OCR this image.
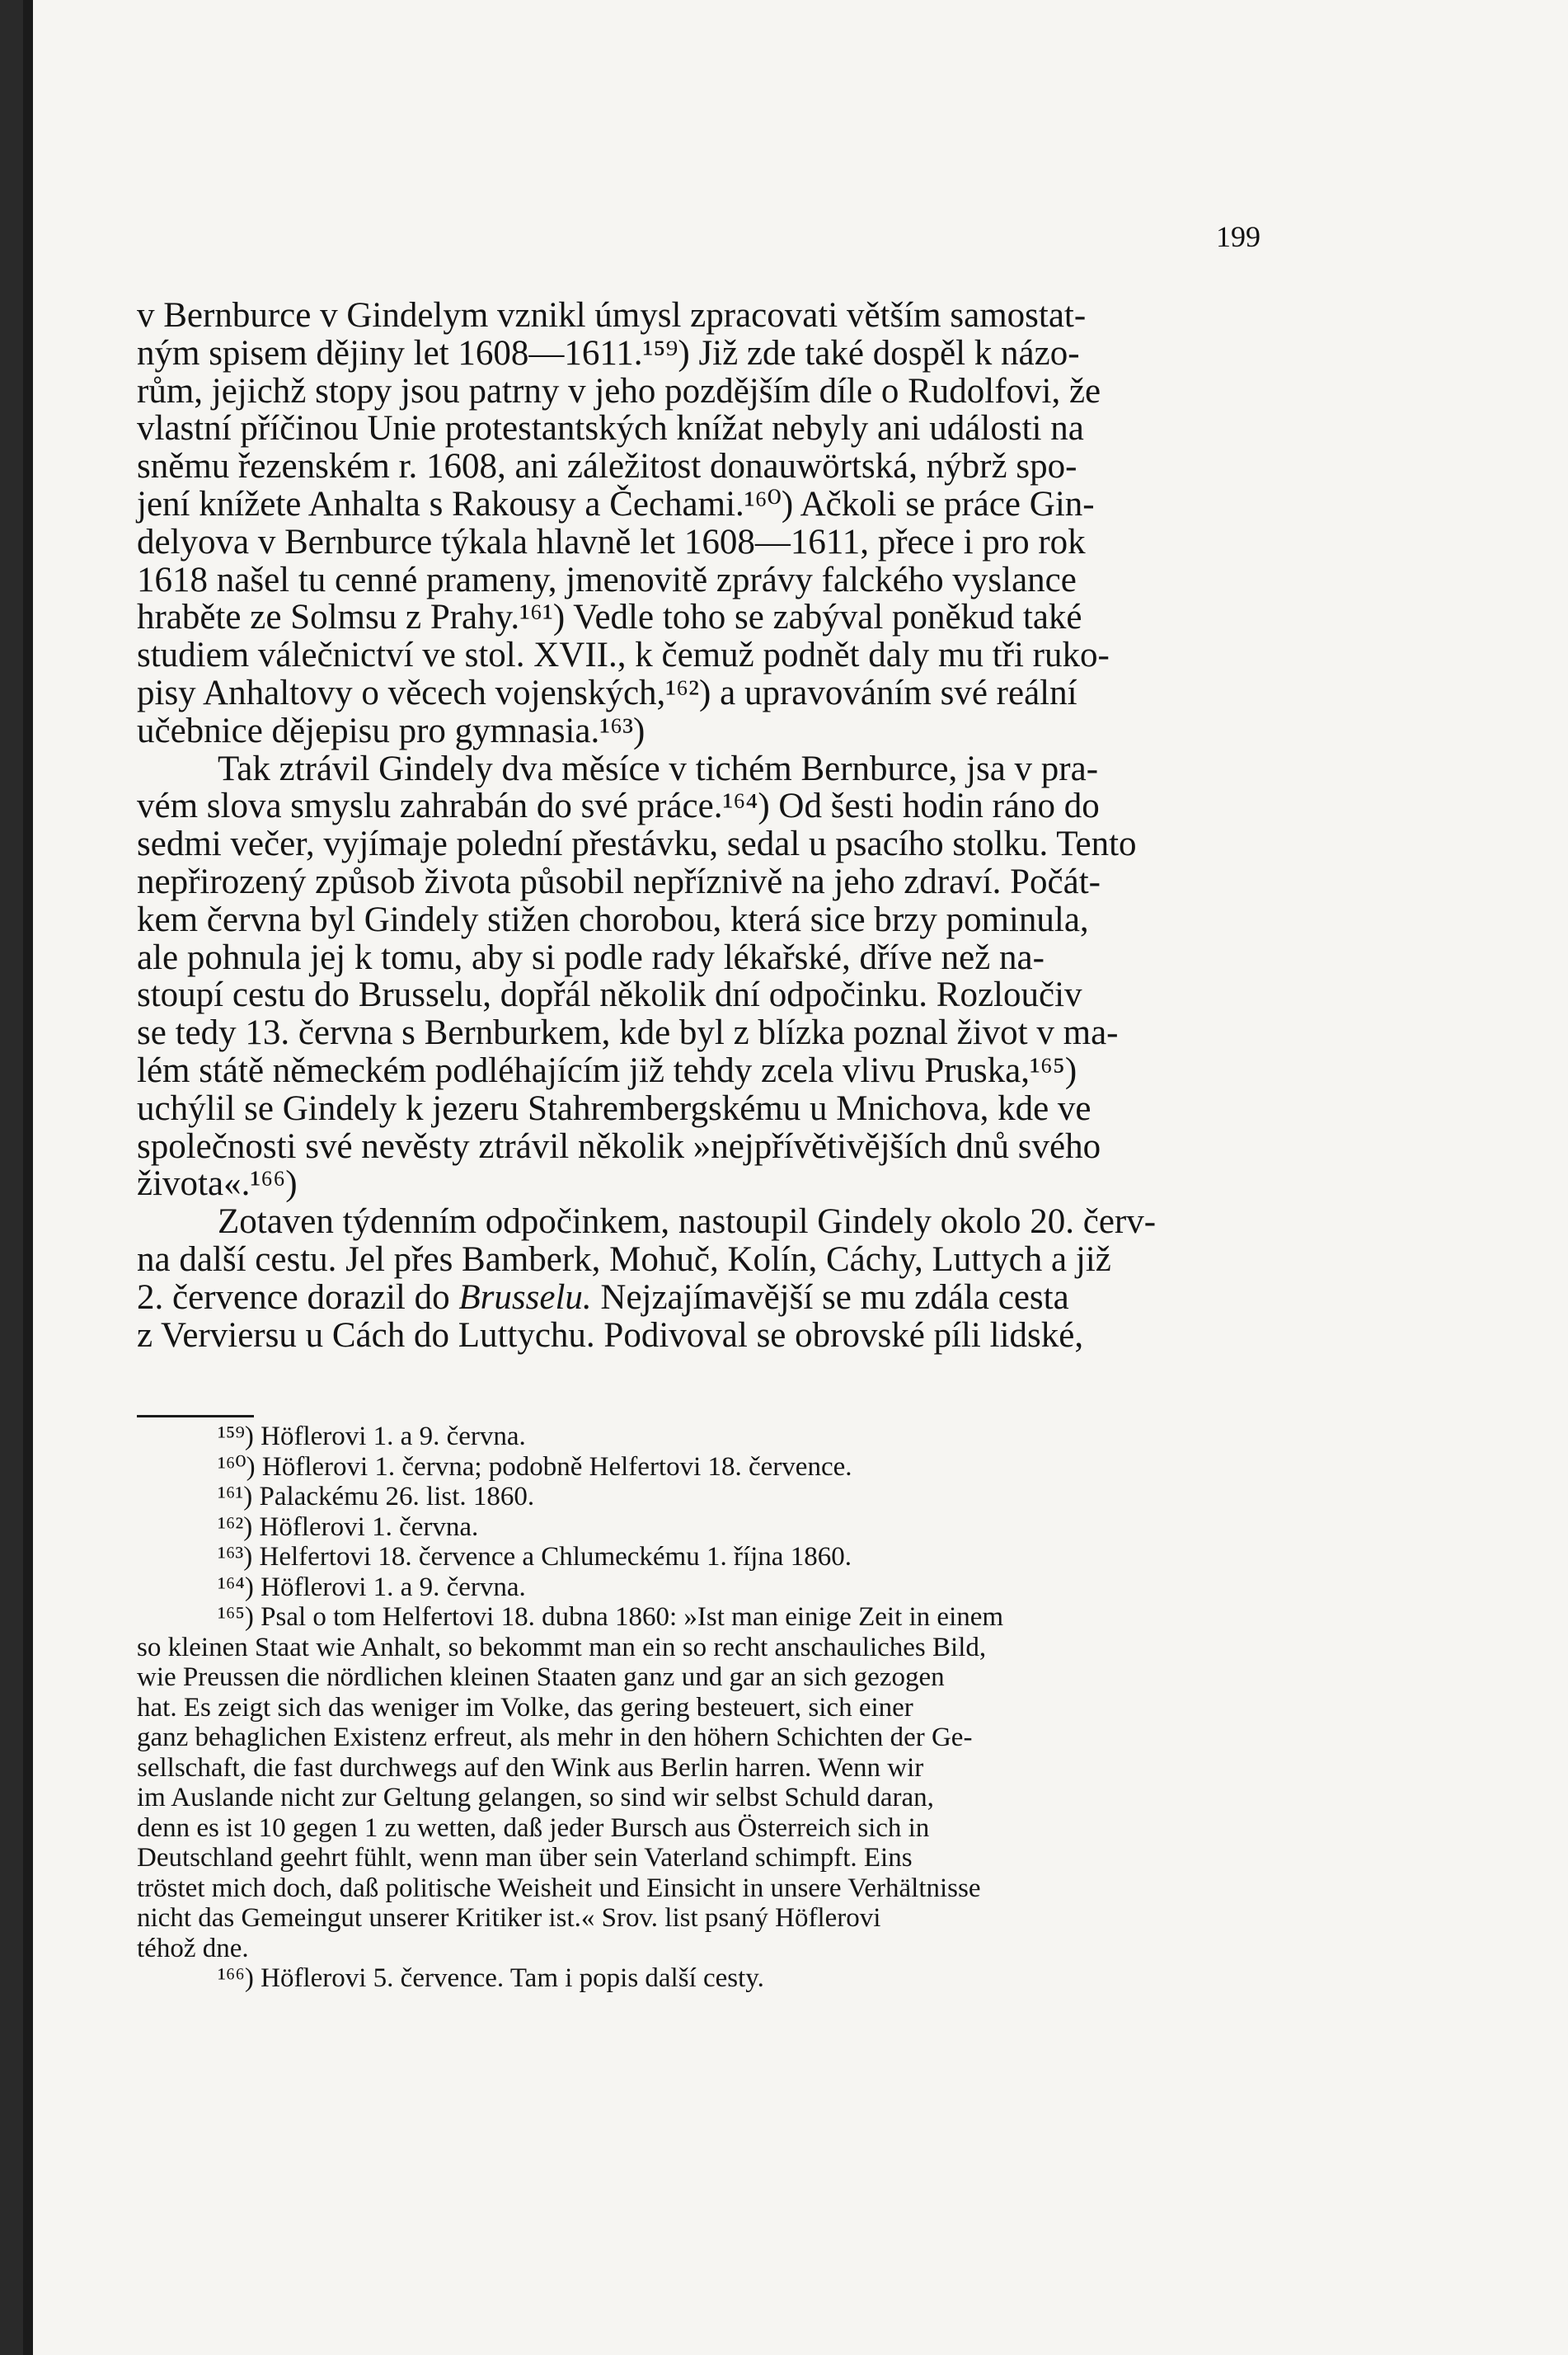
199

v Bernburce v Gindelym vznikl úmysl zpracovati větším samostat-
ným spisem dějiny let 1608—1611.¹⁵⁹) Již zde také dospěl k názo-
rům, jejichž stopy jsou patrny v jeho pozdějším díle o Rudolfovi, že
vlastní příčinou Unie protestantských knížat nebyly ani události na
sněmu řezenském r. 1608, ani záležitost donauwörtská, nýbrž spo-
jení knížete Anhalta s Rakousy a Čechami.¹⁶⁰) Ačkoli se práce Gin-
delyova v Bernburce týkala hlavně let 1608—1611, přece i pro rok
1618 našel tu cenné prameny, jmenovitě zprávy falckého vyslance
hraběte ze Solmsu z Prahy.¹⁶¹) Vedle toho se zabýval poněkud také
studiem válečnictví ve stol. XVII., k čemuž podnět daly mu tři ruko-
pisy Anhaltovy o věcech vojenských,¹⁶²) a upravováním své reální
učebnice dějepisu pro gymnasia.¹⁶³)

Tak ztrávil Gindely dva měsíce v tichém Bernburce, jsa v pra-
vém slova smyslu zahrabán do své práce.¹⁶⁴) Od šesti hodin ráno do
sedmi večer, vyjímaje polední přestávku, sedal u psacího stolku. Tento
nepřirozený způsob života působil nepříznivě na jeho zdraví. Počát-
kem června byl Gindely stižen chorobou, která sice brzy pominula,
ale pohnula jej k tomu, aby si podle rady lékařské, dříve než na-
stoupí cestu do Brusselu, dopřál několik dní odpočinku. Rozloučiv
se tedy 13. června s Bernburkem, kde byl z blízka poznal život v ma-
lém státě německém podléhajícím již tehdy zcela vlivu Pruska,¹⁶⁵)
uchýlil se Gindely k jezeru Stahrembergskému u Mnichova, kde ve
společnosti své nevěsty ztrávil několik »nejpřívětivějších dnů svého
života«.¹⁶⁶)

Zotaven týdenním odpočinkem, nastoupil Gindely okolo 20. červ-
na další cestu. Jel přes Bamberk, Mohuč, Kolín, Cáchy, Luttych a již
2. července dorazil do Brusselu. Nejzajímavější se mu zdála cesta
z Verviersu u Cách do Luttychu. Podivoval se obrovské píli lidské,

¹⁵⁹) Höflerovi 1. a 9. června.
¹⁶⁰) Höflerovi 1. června; podobně Helfertovi 18. července.
¹⁶¹) Palackému 26. list. 1860.
¹⁶²) Höflerovi 1. června.
¹⁶³) Helfertovi 18. července a Chlumeckému 1. října 1860.
¹⁶⁴) Höflerovi 1. a 9. června.
¹⁶⁵) Psal o tom Helfertovi 18. dubna 1860: »Ist man einige Zeit in einem
so kleinen Staat wie Anhalt, so bekommt man ein so recht anschauliches Bild,
wie Preussen die nördlichen kleinen Staaten ganz und gar an sich gezogen
hat. Es zeigt sich das weniger im Volke, das gering besteuert, sich einer
ganz behaglichen Existenz erfreut, als mehr in den höhern Schichten der Ge-
sellschaft, die fast durchwegs auf den Wink aus Berlin harren. Wenn wir
im Auslande nicht zur Geltung gelangen, so sind wir selbst Schuld daran,
denn es ist 10 gegen 1 zu wetten, daß jeder Bursch aus Österreich sich in
Deutschland geehrt fühlt, wenn man über sein Vaterland schimpft. Eins
tröstet mich doch, daß politische Weisheit und Einsicht in unsere Verhältnisse
nicht das Gemeingut unserer Kritiker ist.« Srov. list psaný Höflerovi
téhož dne.
¹⁶⁶) Höflerovi 5. července. Tam i popis další cesty.
